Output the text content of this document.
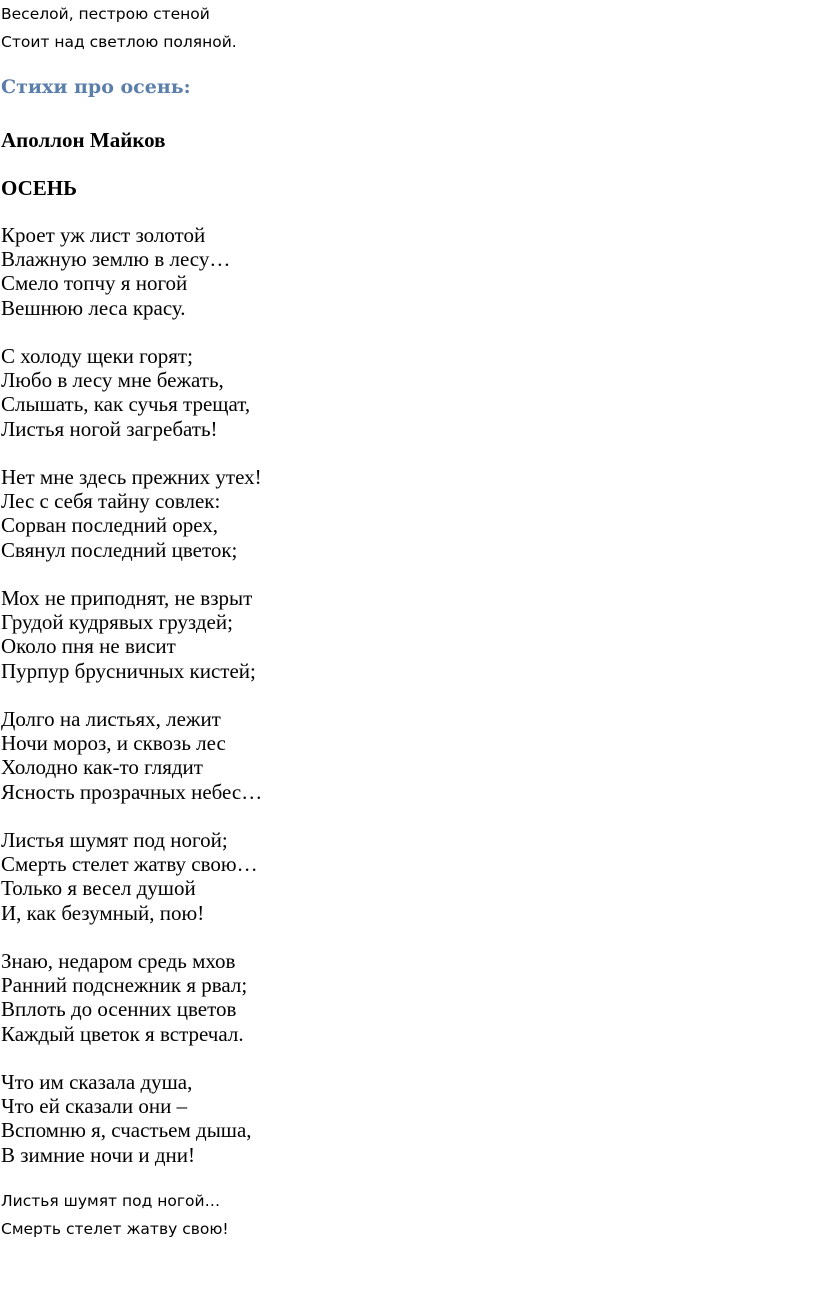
Веселой, пестрою стеной
Стоит над светлою поляной.
Стихи про осень:
Аполлон Майков
ОСЕНЬ
Кроет уж лист золотой
Влажную землю в лесу…
Смело топчу я ногой
Вешнюю леса красу.
С холоду щеки горят;
Любо в лесу мне бежать,
Слышать, как сучья трещат,
Листья ногой загребать!
Нет мне здесь прежних утех!
Лес с себя тайну совлек:
Сорван последний орех,
Свянул последний цветок;
Мох не приподнят, не взрыт
Грудой кудрявых груздей;
Около пня не висит
Пурпур брусничных кистей;
Долго на листьях, лежит
Ночи мороз, и сквозь лес
Холодно как-то глядит
Ясность прозрачных небес…
Листья шумят под ногой;
Смерть стелет жатву свою…
Только я весел душой
И, как безумный, пою!
Знаю, недаром средь мхов
Ранний подснежник я рвал;
Вплоть до осенних цветов
Каждый цветок я встречал.
Что им сказала душа,
Что ей сказали они –
Вспомню я, счастьем дыша,
В зимние ночи и дни!
Листья шумят под ногой…
Смерть стелет жатву свою!
